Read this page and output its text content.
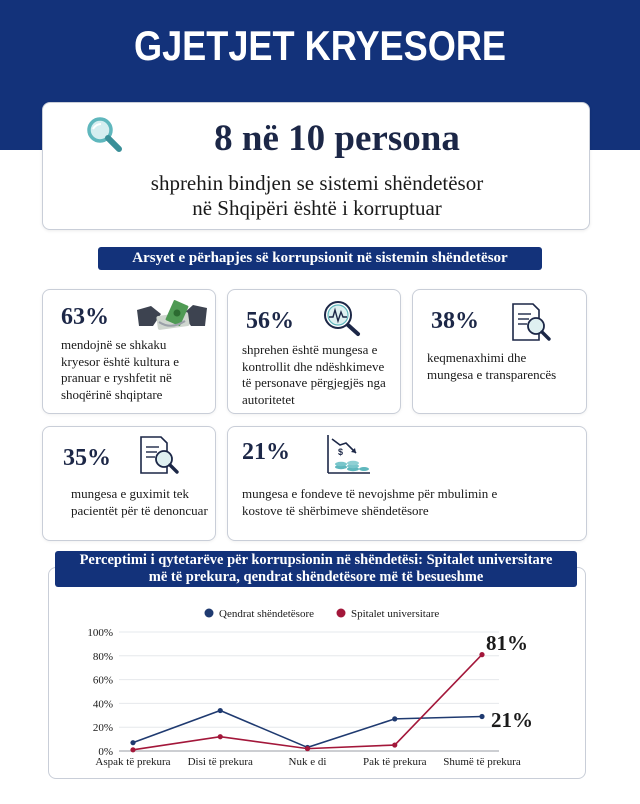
GJETJET KRYESORE
8 në 10 persona
shprehin bindjen se sistemi shëndetësor
në Shqipëri është i korruptuar
Arsyet e përhapjes së korrupsionit në sistemin shëndetësor
63%
mendojnë se shkaku
kryesor është kultura e
pranuar e ryshfetit në
shoqërinë shqiptare
56%
shprehen është mungesa e
kontrollit dhe ndëshkimeve
të personave përgjegjës nga
autoritetet
38%
keqmenaxhimi dhe
mungesa e transparencës
35%
mungesa e guximit tek
pacientët për të denoncuar
21%	$
mungesa e fondeve të nevojshme për mbulimin e
kostove të shërbimeve shëndetësore
0%
20%
40%
60%
80%
100%
Aspak të prekura Disi të prekura	Nuk e di	Pak të prekura Shumë të prekura
Qendrat shëndetësore	Spitalet universitare
81%
21%
Perceptimi i qytetarëve për korrupsionin në shëndetësi: Spitalet universitare
më të prekura, qendrat shëndetësore më të besueshme
